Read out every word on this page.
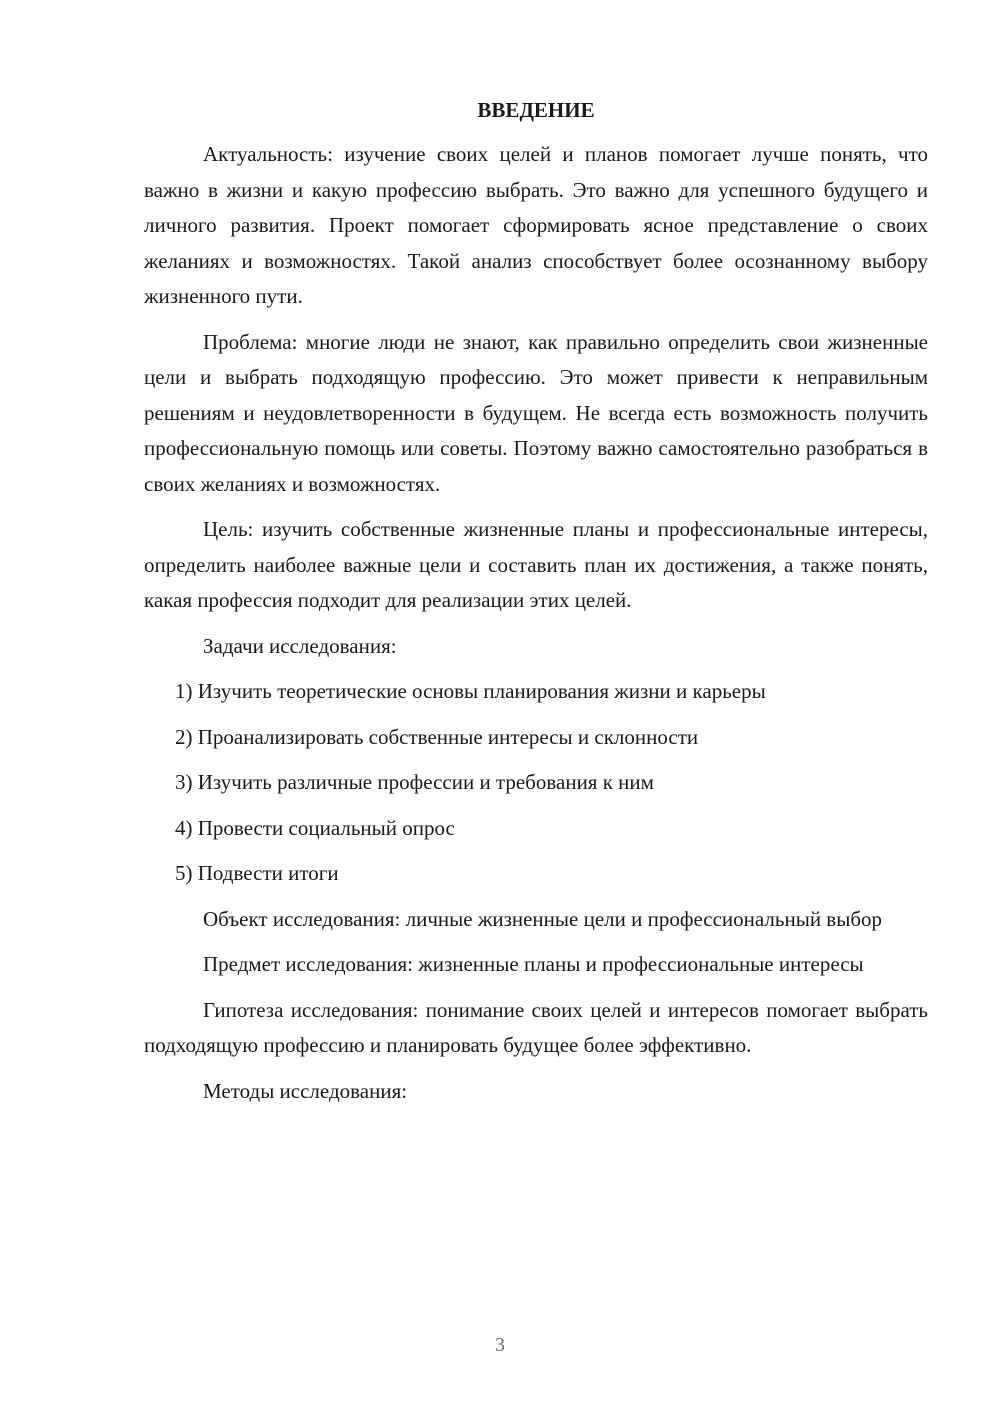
ВВЕДЕНИЕ

Актуальность: изучение своих целей и планов помогает лучше понять, что важно в жизни и какую профессию выбрать. Это важно для успешного будущего и личного развития. Проект помогает сформировать ясное представление о своих желаниях и возможностях. Такой анализ способствует более осознанному выбору жизненного пути.

Проблема: многие люди не знают, как правильно определить свои жизненные цели и выбрать подходящую профессию. Это может привести к неправильным решениям и неудовлетворенности в будущем. Не всегда есть возможность получить профессиональную помощь или советы. Поэтому важно самостоятельно разобраться в своих желаниях и возможностях.

Цель: изучить собственные жизненные планы и профессиональные интересы, определить наиболее важные цели и составить план их достижения, а также понять, какая профессия подходит для реализации этих целей.

Задачи исследования:

1) Изучить теоретические основы планирования жизни и карьеры

2) Проанализировать собственные интересы и склонности

3) Изучить различные профессии и требования к ним

4) Провести социальный опрос

5) Подвести итоги

Объект исследования: личные жизненные цели и профессиональный выбор

Предмет исследования: жизненные планы и профессиональные интересы

Гипотеза исследования: понимание своих целей и интересов помогает выбрать подходящую профессию и планировать будущее более эффективно.

Методы исследования:

3
